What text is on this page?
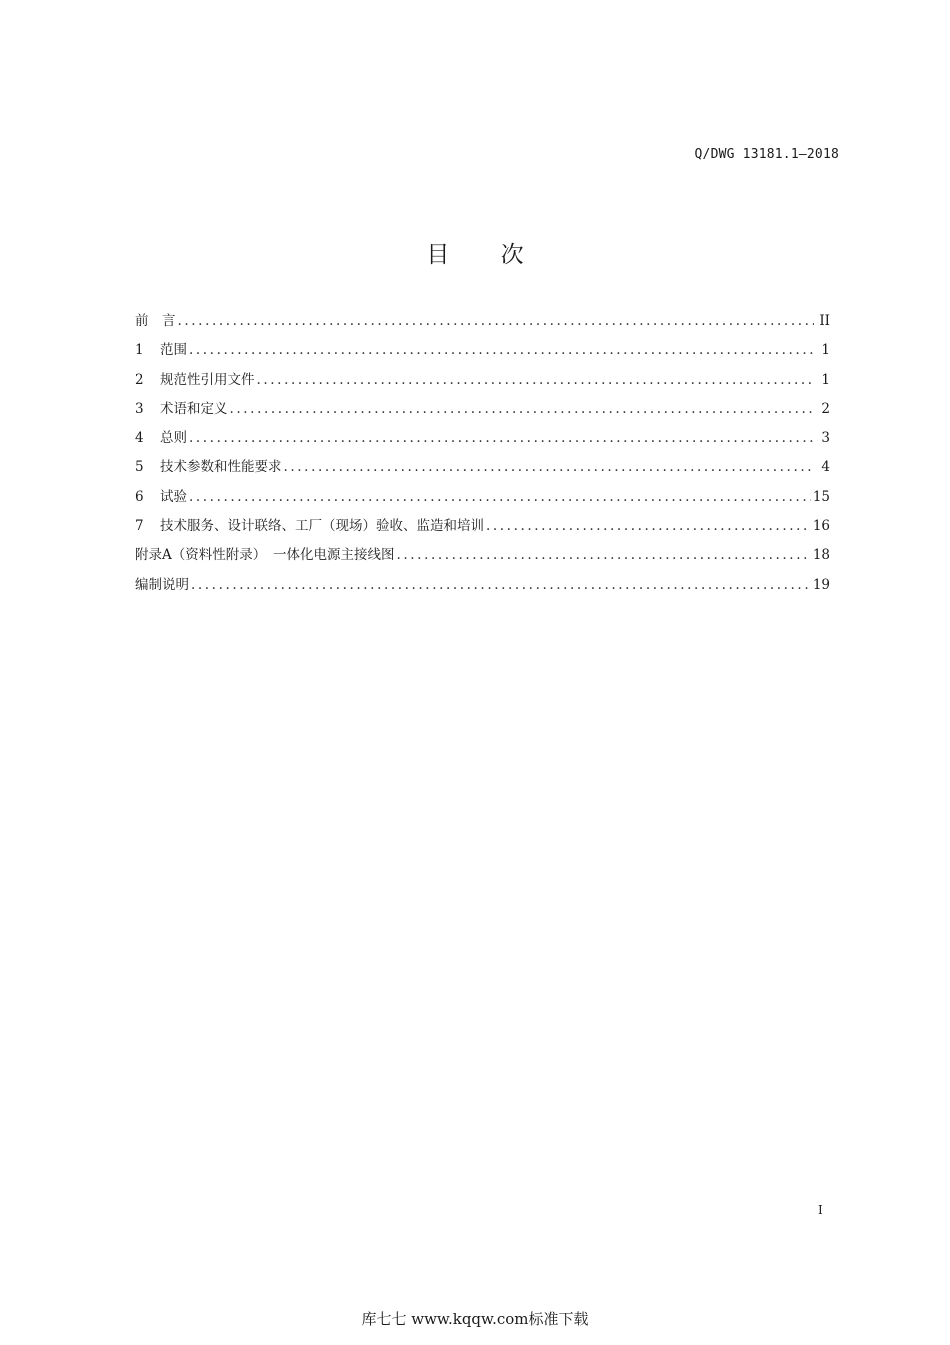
Q/DWG 13181.1—2018
目 次
前　言 .....	II
1	范围 .....	1
2	规范性引用文件 .....	1
3	术语和定义 .....	2
4	总则 .....	3
5	技术参数和性能要求 .....	4
6	试验 .....	15
7	技术服务、设计联络、工厂（现场）验收、监造和培训 .....	16
附录A（资料性附录）　一体化电源主接线图 .....	18
编制说明 .....	19
I
库七七 www.kqqw.com标准下载
